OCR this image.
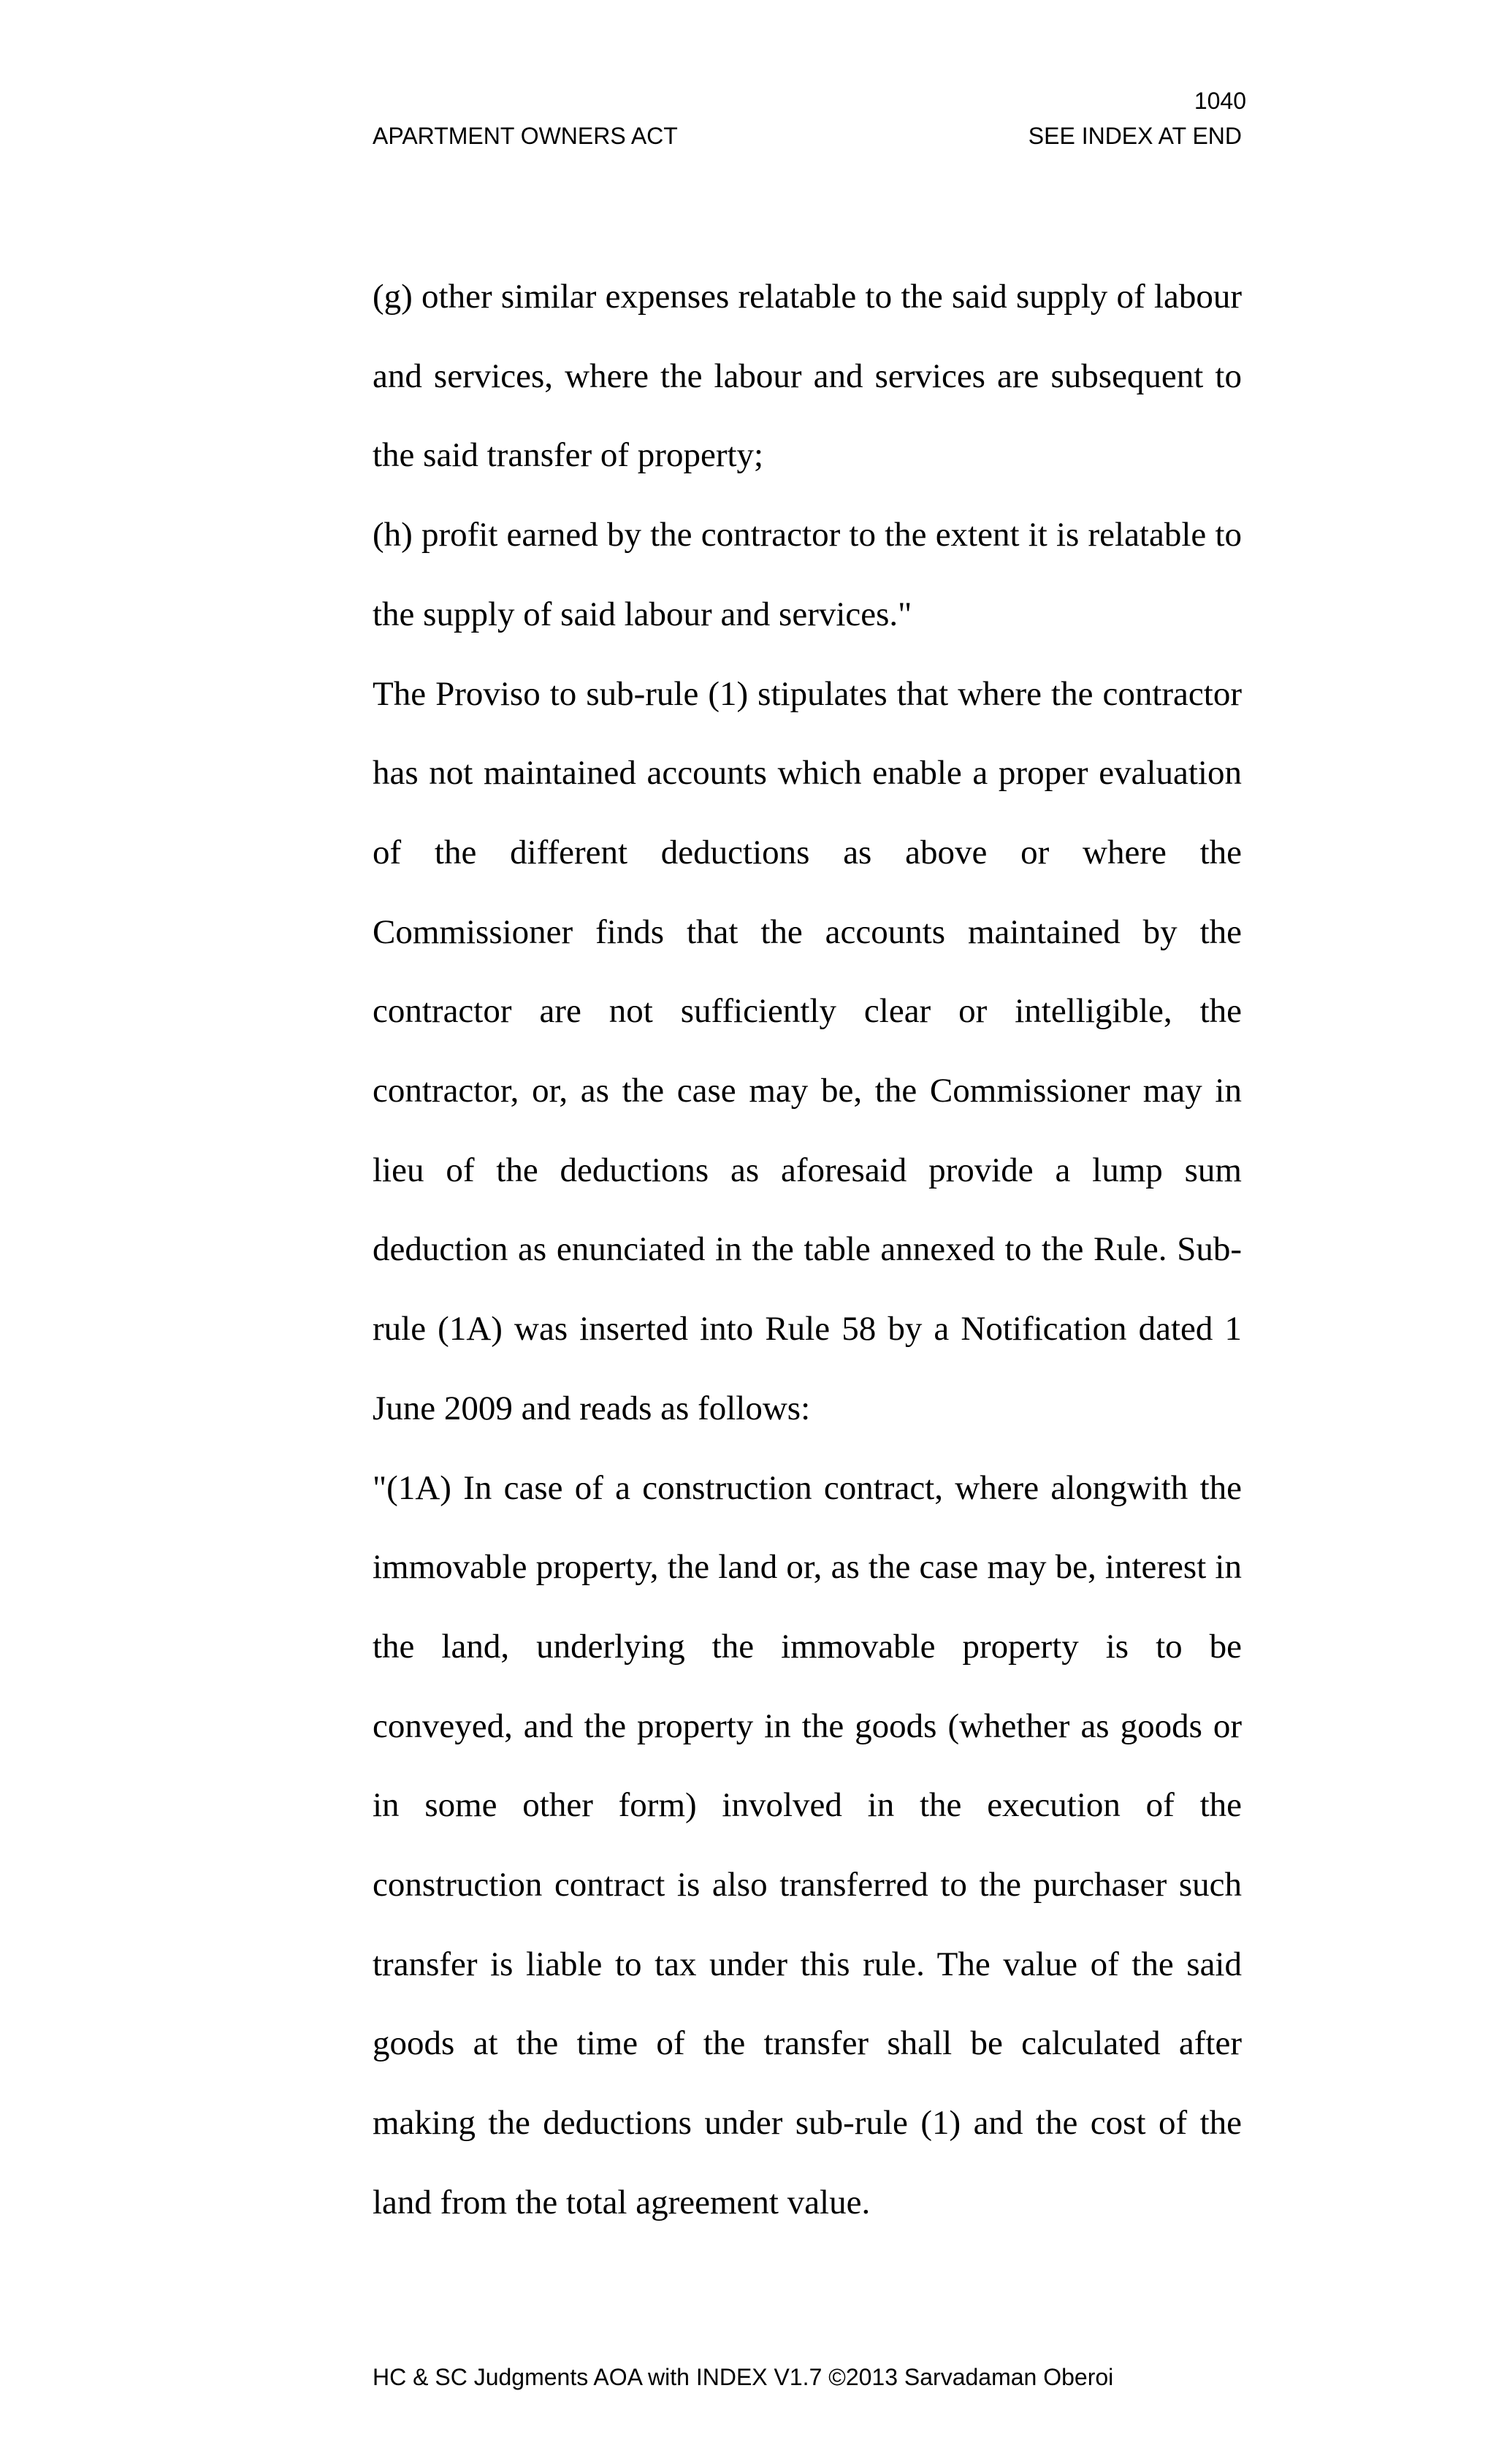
1040
APARTMENT OWNERS ACT	SEE INDEX AT END

(g) other similar expenses relatable to the said supply of labour and services, where the labour and services are subsequent to the said transfer of property;

(h) profit earned by the contractor to the extent it is relatable to the supply of said labour and services."

The Proviso to sub-rule (1) stipulates that where the contractor has not maintained accounts which enable a proper evaluation of the different deductions as above or where the Commissioner finds that the accounts maintained by the contractor are not sufficiently clear or intelligible, the contractor, or, as the case may be, the Commissioner may in lieu of the deductions as aforesaid provide a lump sum deduction as enunciated in the table annexed to the Rule. Sub-rule (1A) was inserted into Rule 58 by a Notification dated 1 June 2009 and reads as follows:

"(1A) In case of a construction contract, where alongwith the immovable property, the land or, as the case may be, interest in the land, underlying the immovable property is to be conveyed, and the property in the goods (whether as goods or in some other form) involved in the execution of the construction contract is also transferred to the purchaser such transfer is liable to tax under this rule. The value of the said goods at the time of the transfer shall be calculated after making the deductions under sub-rule (1) and the cost of the land from the total agreement value.

HC & SC Judgments AOA with INDEX V1.7 ©2013 Sarvadaman Oberoi
